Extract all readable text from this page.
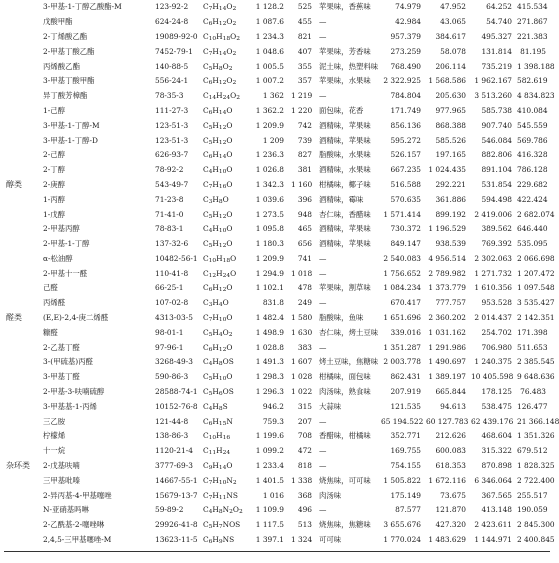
	3-甲基-1-丁醇乙酸酯-M	123-92-2	$C_7H_{14}O_2$	1 128.2	525	苹果味，香蕉味	74.979	47.952	64.252	415.534
	戊酸甲酯	624-24-8	$C_6H_{12}O_2$	1 087.6	455	—	42.984	43.065	54.740	271.867
	2-丁烯酸乙酯	19089-92-0	$C_{10}H_{18}O_2$	1 234.3	821	—	957.379	384.617	495.327	221.383
	2-甲基丁酸乙酯	7452-79-1	$C_7H_{14}O_2$	1 048.6	407	苹果味，芳香味	273.259	58.078	131.814	81.195
	丙烯酸乙酯	140-88-5	$C_5H_8O_2$	1 005.5	355	泥土味，热塑料味	768.490	206.114	735.219	1 398.188
	3-甲基丁酸甲酯	556-24-1	$C_6H_{12}O_2$	1 007.2	357	苹果味，水果味	2 322.925	1 568.586	1 962.167	582.619
	异丁酸芳樟酯	78-35-3	$C_{14}H_{24}O_2$	1 362	1 219	—	784.804	205.630	3 513.260	4 834.823
	1-己醇	111-27-3	$C_6H_{14}O$	1 362.2	1 220	面包味，花香	171.749	977.965	585.738	410.084
	3-甲基-1-丁醇-M	123-51-3	$C_5H_{12}O$	1 209.9	742	酒精味，苹果味	856.136	868.388	907.740	545.559
	3-甲基-1-丁醇-D	123-51-3	$C_5H_{12}O$	1 209	739	酒精味，苹果味	595.272	585.526	546.084	569.786
	2-己醇	626-93-7	$C_6H_{14}O$	1 236.3	827	脂酸味，水果味	526.157	197.165	882.806	416.328
	2-丁醇	78-92-2	$C_4H_{10}O$	1 026.8	381	酒精味，水果味	667.235	1 024.435	891.104	786.128
醇类	2-庚醇	543-49-7	$C_7H_{16}O$	1 342.3	1 160	柑橘味，椰子味	516.588	292.221	531.854	229.682
	1-丙醇	71-23-8	$C_3H_8O$	1 039.6	396	酒精味，霉味	570.635	361.886	594.498	422.424
	1-戊醇	71-41-0	$C_5H_{12}O$	1 273.5	948	杏仁味，香醋味	1 571.414	899.192	2 419.006	2 682.074
	2-甲基丙醇	78-83-1	$C_4H_{10}O$	1 095.8	465	酒精味，苹果味	730.372	1 196.529	389.562	646.440
	2-甲基-1-丁醇	137-32-6	$C_5H_{12}O$	1 180.3	656	酒精味，苹果味	849.147	938.539	769.392	535.095
	α-松油醇	10482-56-1	$C_{10}H_{18}O$	1 209.9	741	—	2 540.083	4 956.514	2 302.063	2 066.698
	2-甲基十一醛	110-41-8	$C_{12}H_{24}O$	1 294.9	1 018	—	1 756.652	2 789.982	1 271.732	1 207.472
	己醛	66-25-1	$C_6H_{12}O$	1 102.1	478	苹果味，割草味	1 084.234	1 373.779	1 610.356	1 097.548
	丙烯醛	107-02-8	$C_3H_4O$	831.8	249	—	670.417	777.757	953.528	3 535.427
醛类	(E,E)-2,4-庚二烯醛	4313-03-5	$C_7H_{10}O$	1 482.4	1 580	脂酸味，鱼味	1 651.696	2 360.202	2 014.437	2 142.351
	糠醛	98-01-1	$C_5H_4O_2$	1 498.9	1 630	杏仁味，烤土豆味	339.016	1 031.162	254.702	171.398
	2-乙基丁醛	97-96-1	$C_6H_{12}O$	1 028.8	383	—	1 351.287	1 291.986	706.980	511.653
	3-(甲硫基)丙醛	3268-49-3	$C_4H_8OS$	1 491.3	1 607	烤土豆味，焦糖味	2 003.778	1 490.697	1 240.375	2 385.545
	3-甲基丁醛	590-86-3	$C_5H_{10}O$	1 298.3	1 028	柑橘味，面包味	862.431	1 389.197	10 405.598	9 648.636
	2-甲基-3-呋喃硫醇	28588-74-1	$C_5H_6OS$	1 296.3	1 022	肉汤味，熟食味	207.919	665.844	178.125	76.483
	3-甲基基-1-丙烯	10152-76-8	$C_4H_8S$	946.2	315	大蒜味	121.535	94.613	538.475	126.477
	三乙胺	121-44-8	$C_6H_{15}N$	759.3	207	—	65 194.522	60 127.783	62 439.176	21 366.148
	柠檬烯	138-86-3	$C_{10}H_{16}$	1 199.6	708	香醋味，柑橘味	352.771	212.626	468.604	1 351.326
	十一烷	1120-21-4	$C_{11}H_{24}$	1 099.2	472	—	169.755	600.083	315.322	679.512
杂环类	2-戊基呋喃	3777-69-3	$C_9H_{14}O$	1 233.4	818	—	754.155	618.353	870.898	1 828.325
	三甲基吡嗪	14667-55-1	$C_7H_{10}N_2$	1 401.5	1 338	烧焦味，可可味	1 505.822	1 672.116	6 346.064	2 722.400
	2-异丙基-4-甲基噻唑	15679-13-7	$C_7H_{11}NS$	1 016	368	肉汤味	175.149	73.675	367.565	255.517
	N-亚硝基吗啉	59-89-2	$C_4H_8N_2O_2$	1 109.9	496	—	87.577	121.870	413.148	190.059
	2-乙酰基-2-噻唑啉	29926-41-8	$C_5H_7NOS$	1 117.5	513	烧焦味，焦糖味	3 655.676	427.320	2 423.611	2 845.300
	2,4,5-三甲基噻唑-M	13623-11-5	$C_6H_9NS$	1 397.1	1 324	可可味	1 770.024	1 483.629	1 144.971	2 400.845
